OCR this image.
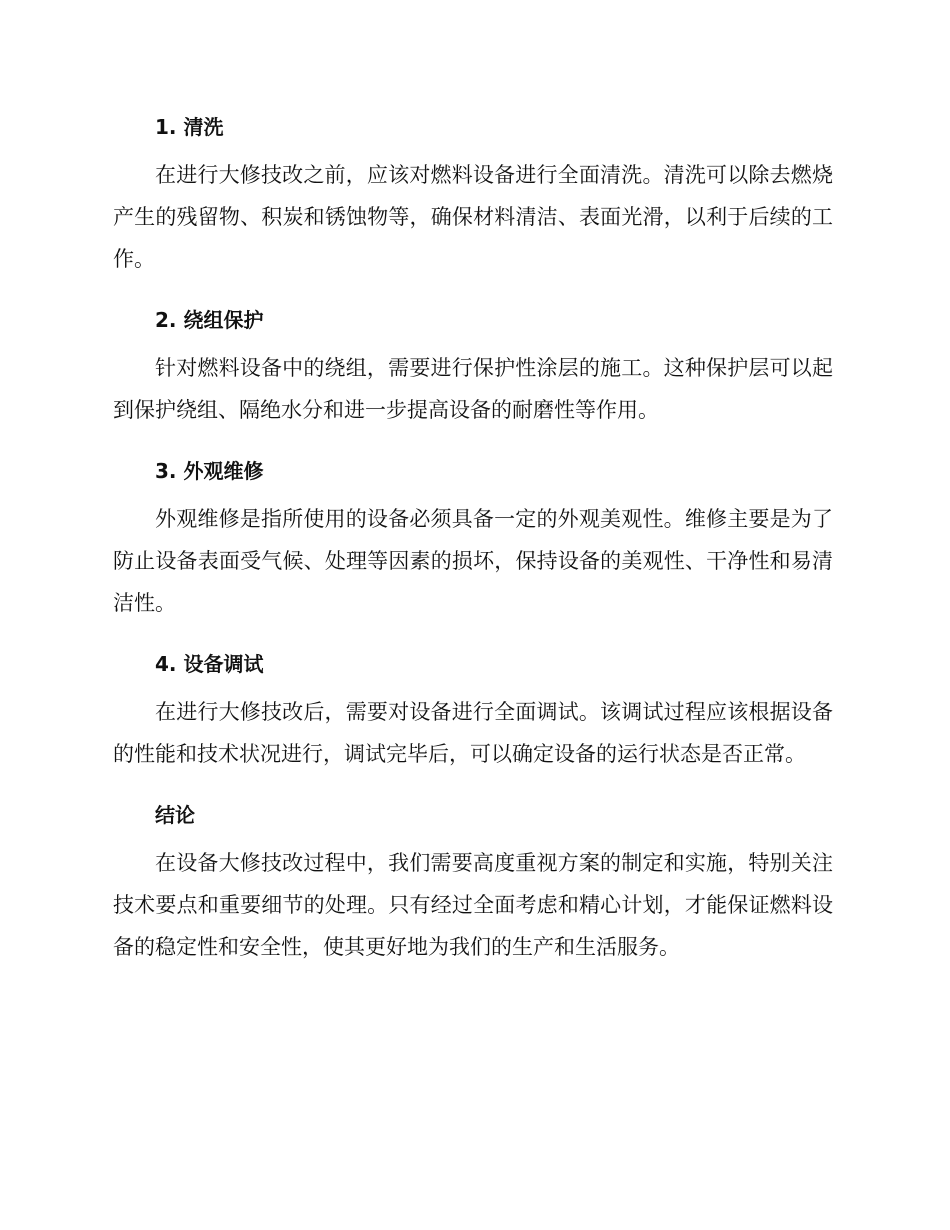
1. 清洗

在进行大修技改之前，应该对燃料设备进行全面清洗。清洗可以除去燃烧产生的残留物、积炭和锈蚀物等，确保材料清洁、表面光滑，以利于后续的工作。

2. 绕组保护

针对燃料设备中的绕组，需要进行保护性涂层的施工。这种保护层可以起到保护绕组、隔绝水分和进一步提高设备的耐磨性等作用。

3. 外观维修

外观维修是指所使用的设备必须具备一定的外观美观性。维修主要是为了防止设备表面受气候、处理等因素的损坏，保持设备的美观性、干净性和易清洁性。

4. 设备调试

在进行大修技改后，需要对设备进行全面调试。该调试过程应该根据设备的性能和技术状况进行，调试完毕后，可以确定设备的运行状态是否正常。

结论

在设备大修技改过程中，我们需要高度重视方案的制定和实施，特别关注技术要点和重要细节的处理。只有经过全面考虑和精心计划，才能保证燃料设备的稳定性和安全性，使其更好地为我们的生产和生活服务。
